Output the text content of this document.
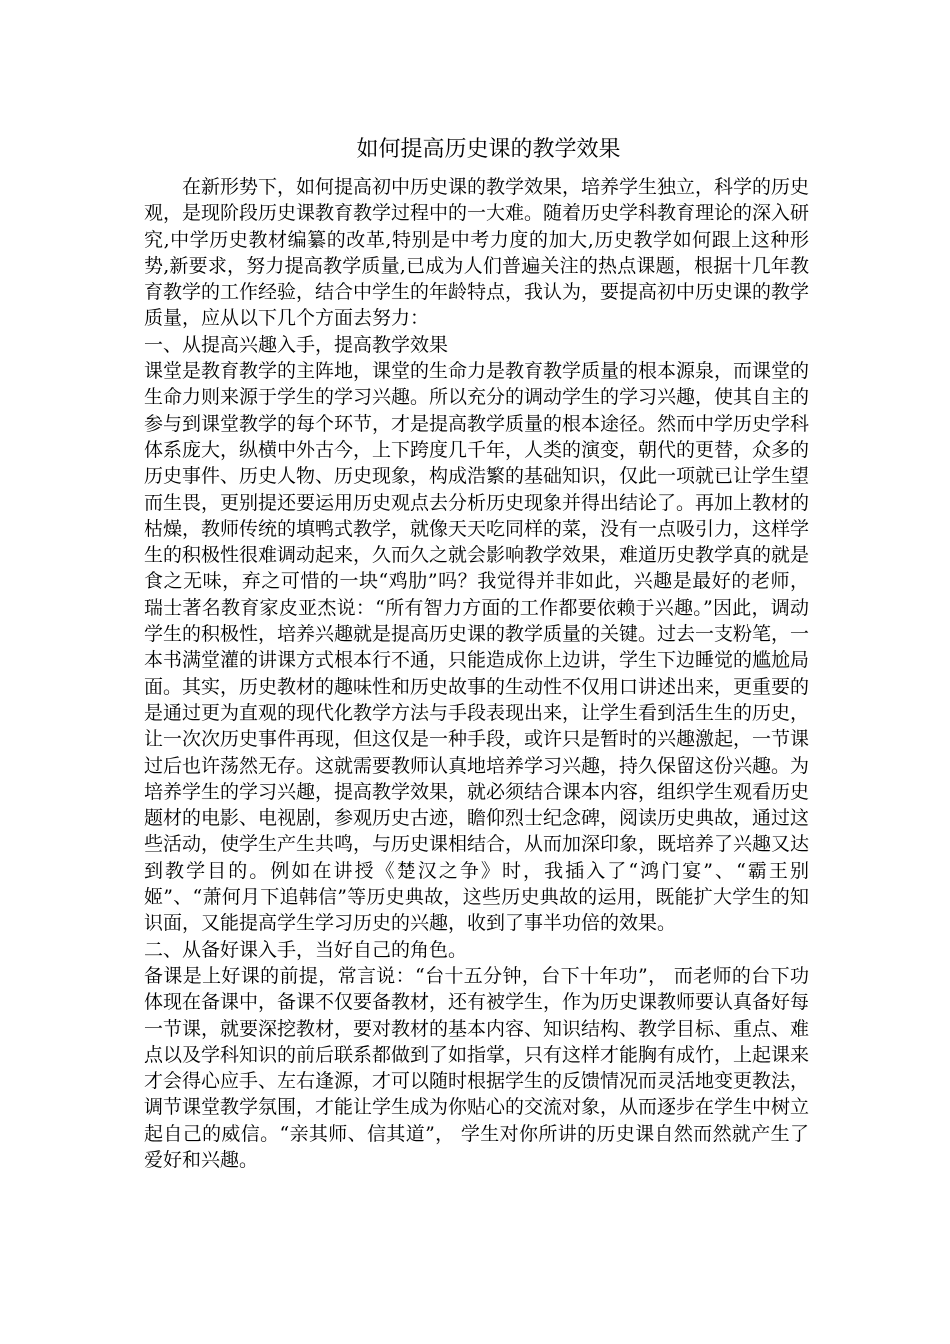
如何提高历史课的教学效果

在新形势下，如何提高初中历史课的教学效果，培养学生独立，科学的历史观，是现阶段历史课教育教学过程中的一大难。随着历史学科教育理论的深入研究,中学历史教材编纂的改革,特别是中考力度的加大,历史教学如何跟上这种形势,新要求，努力提高教学质量,已成为人们普遍关注的热点课题，根据十几年教育教学的工作经验，结合中学生的年龄特点，我认为，要提高初中历史课的教学质量，应从以下几个方面去努力：

一、从提高兴趣入手，提高教学效果

课堂是教育教学的主阵地，课堂的生命力是教育教学质量的根本源泉，而课堂的生命力则来源于学生的学习兴趣。所以充分的调动学生的学习兴趣，使其自主的参与到课堂教学的每个环节，才是提高教学质量的根本途径。然而中学历史学科体系庞大，纵横中外古今，上下跨度几千年，人类的演变，朝代的更替，众多的历史事件、历史人物、历史现象，构成浩繁的基础知识，仅此一项就已让学生望而生畏，更别提还要运用历史观点去分析历史现象并得出结论了。再加上教材的枯燥，教师传统的填鸭式教学，就像天天吃同样的菜，没有一点吸引力，这样学生的积极性很难调动起来，久而久之就会影响教学效果，难道历史教学真的就是食之无味，弃之可惜的一块“鸡肋”吗？我觉得并非如此，兴趣是最好的老师，瑞士著名教育家皮亚杰说：“所有智力方面的工作都要依赖于兴趣。”因此，调动学生的积极性，培养兴趣就是提高历史课的教学质量的关键。过去一支粉笔，一本书满堂灌的讲课方式根本行不通，只能造成你上边讲，学生下边睡觉的尴尬局面。其实，历史教材的趣味性和历史故事的生动性不仅用口讲述出来，更重要的是通过更为直观的现代化教学方法与手段表现出来，让学生看到活生生的历史，让一次次历史事件再现，但这仅是一种手段，或许只是暂时的兴趣激起，一节课过后也许荡然无存。这就需要教师认真地培养学习兴趣，持久保留这份兴趣。为培养学生的学习兴趣，提高教学效果，就必须结合课本内容，组织学生观看历史题材的电影、电视剧，参观历史古迹，瞻仰烈士纪念碑，阅读历史典故，通过这些活动，使学生产生共鸣，与历史课相结合，从而加深印象，既培养了兴趣又达到教学目的。例如在讲授《楚汉之争》时，我插入了“鸿门宴”、“霸王别姬”、“萧何月下追韩信”等历史典故，这些历史典故的运用，既能扩大学生的知识面，又能提高学生学习历史的兴趣，收到了事半功倍的效果。

二、从备好课入手，当好自己的角色。

备课是上好课的前提，常言说：“台十五分钟，台下十年功”， 而老师的台下功体现在备课中，备课不仅要备教材，还有被学生，作为历史课教师要认真备好每一节课，就要深挖教材，要对教材的基本内容、知识结构、教学目标、重点、难点以及学科知识的前后联系都做到了如指掌，只有这样才能胸有成竹，上起课来才会得心应手、左右逢源，才可以随时根据学生的反馈情况而灵活地变更教法，调节课堂教学氛围，才能让学生成为你贴心的交流对象，从而逐步在学生中树立起自己的威信。“亲其师、信其道”， 学生对你所讲的历史课自然而然就产生了爱好和兴趣。
